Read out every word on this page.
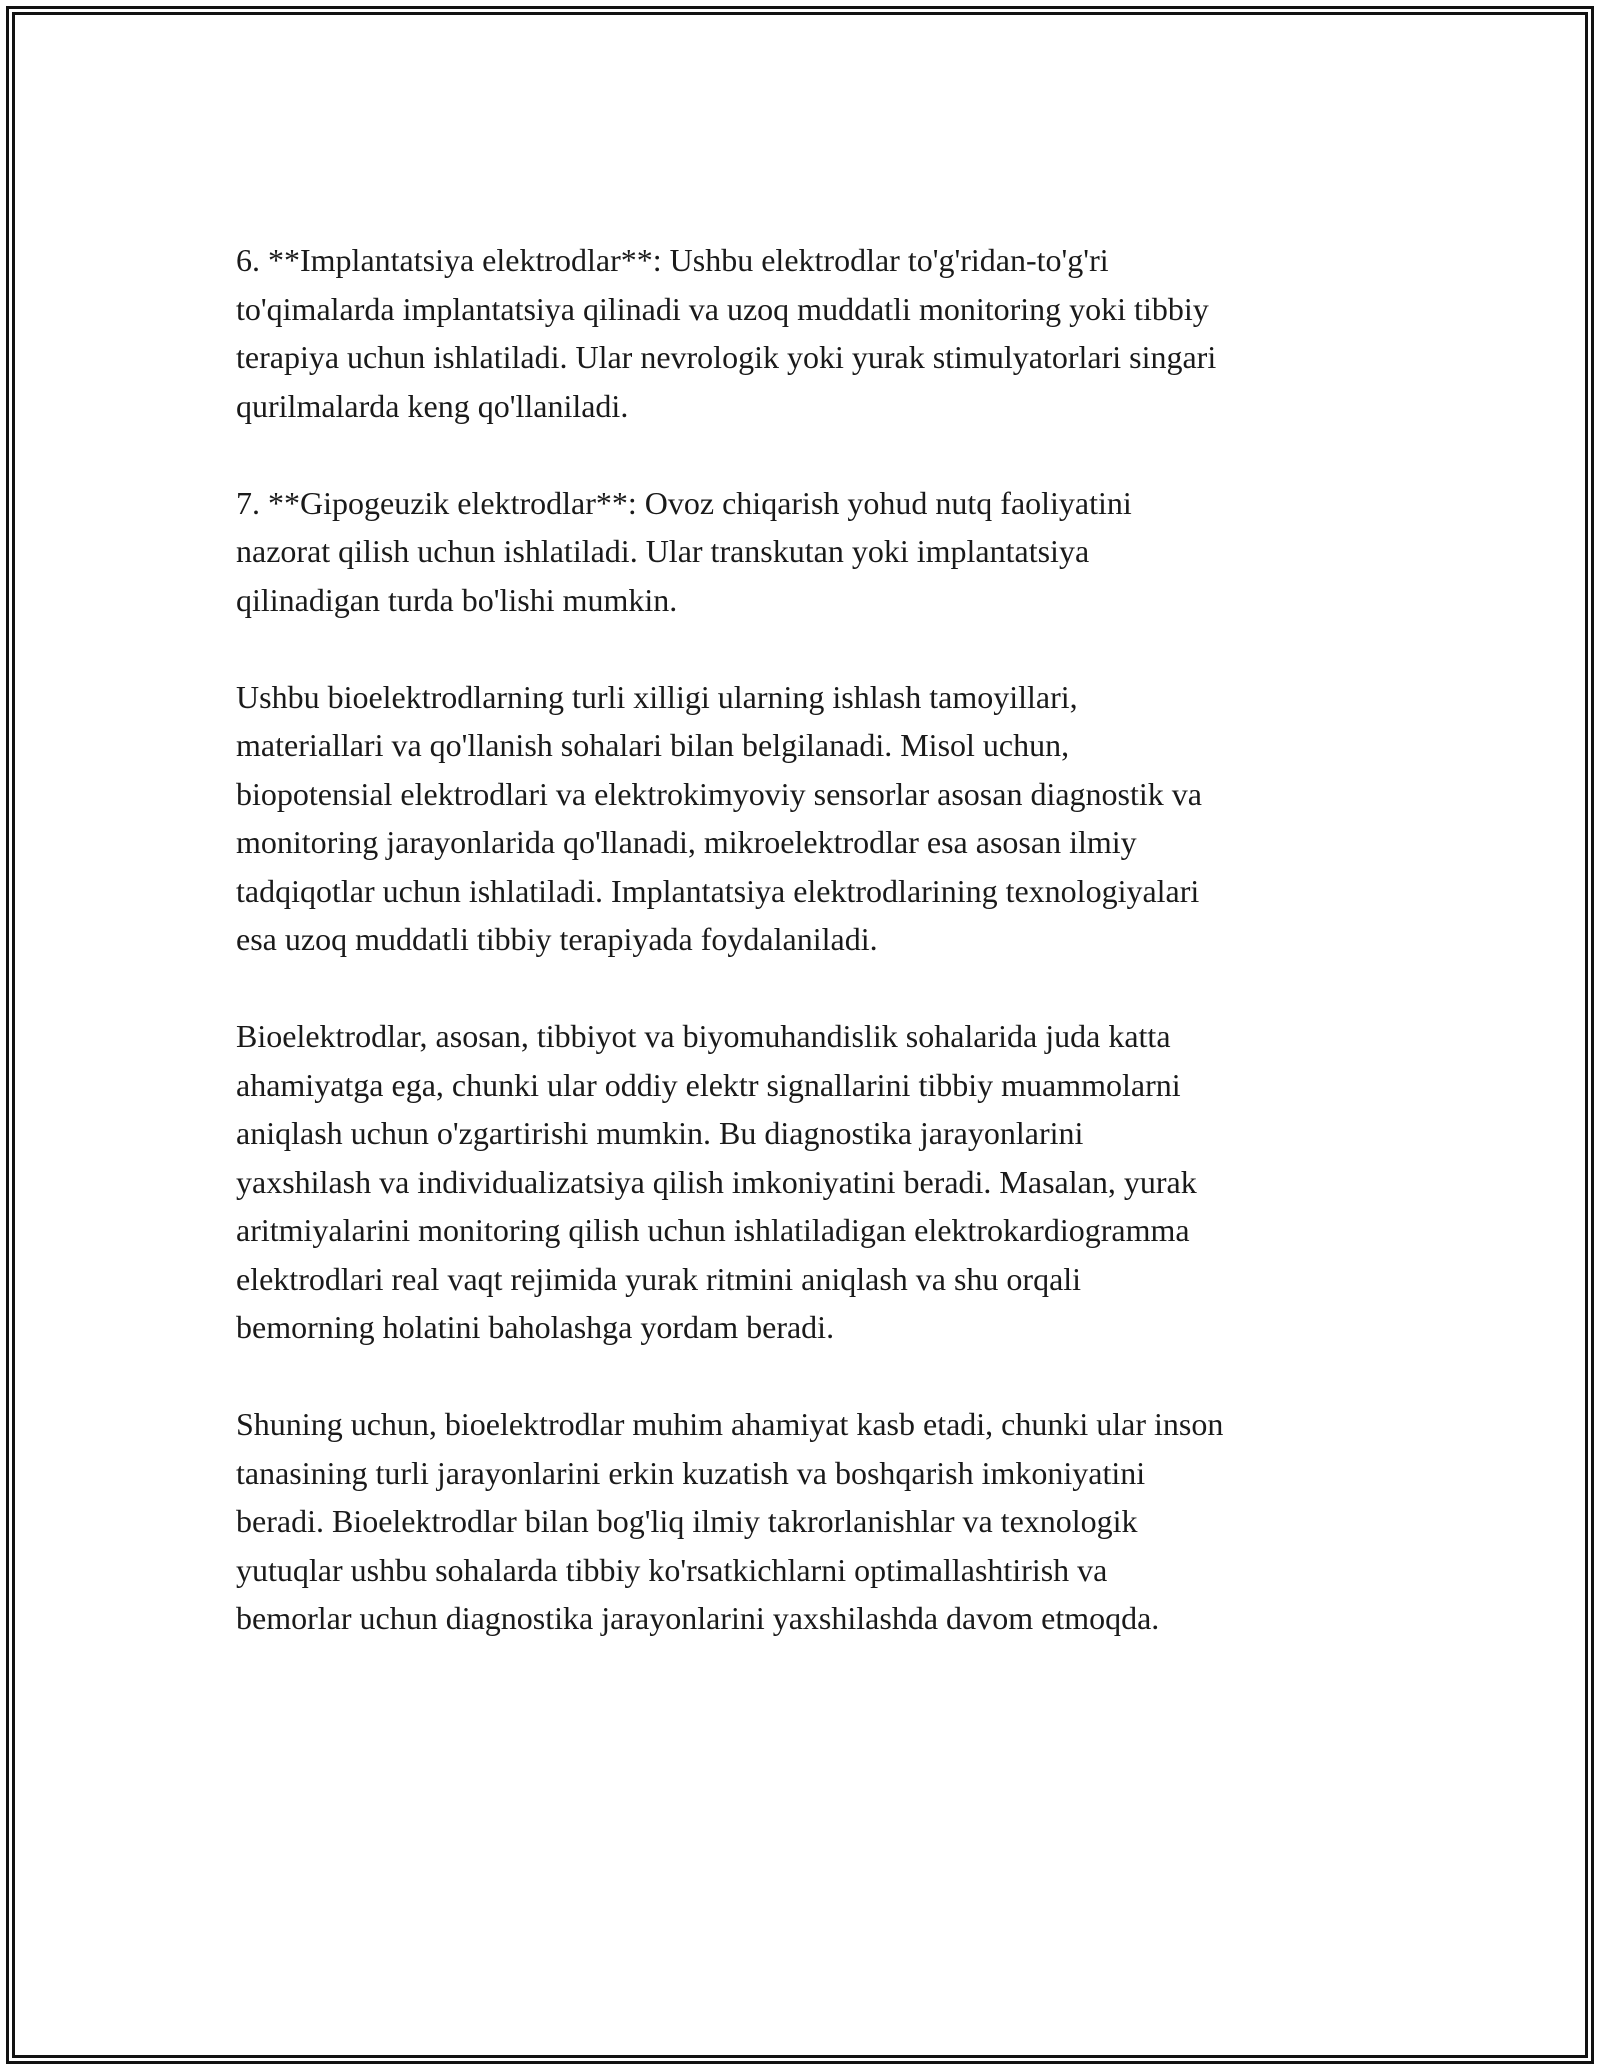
6. **Implantatsiya elektrodlar**: Ushbu elektrodlar to'g'ridan-to'g'ri
to'qimalarda implantatsiya qilinadi va uzoq muddatli monitoring yoki tibbiy
terapiya uchun ishlatiladi. Ular nevrologik yoki yurak stimulyatorlari singari
qurilmalarda keng qo'llaniladi.

7. **Gipogeuzik elektrodlar**: Ovoz chiqarish yohud nutq faoliyatini
nazorat qilish uchun ishlatiladi. Ular transkutan yoki implantatsiya
qilinadigan turda bo'lishi mumkin.

Ushbu bioelektrodlarning turli xilligi ularning ishlash tamoyillari,
materiallari va qo'llanish sohalari bilan belgilanadi. Misol uchun,
biopotensial elektrodlari va elektrokimyoviy sensorlar asosan diagnostik va
monitoring jarayonlarida qo'llanadi, mikroelektrodlar esa asosan ilmiy
tadqiqotlar uchun ishlatiladi. Implantatsiya elektrodlarining texnologiyalari
esa uzoq muddatli tibbiy terapiyada foydalaniladi.

Bioelektrodlar, asosan, tibbiyot va biyomuhandislik sohalarida juda katta
ahamiyatga ega, chunki ular oddiy elektr signallarini tibbiy muammolarni
aniqlash uchun o'zgartirishi mumkin. Bu diagnostika jarayonlarini
yaxshilash va individualizatsiya qilish imkoniyatini beradi. Masalan, yurak
aritmiyalarini monitoring qilish uchun ishlatiladigan elektrokardiogramma
elektrodlari real vaqt rejimida yurak ritmini aniqlash va shu orqali
bemorning holatini baholashga yordam beradi.

Shuning uchun, bioelektrodlar muhim ahamiyat kasb etadi, chunki ular inson
tanasining turli jarayonlarini erkin kuzatish va boshqarish imkoniyatini
beradi. Bioelektrodlar bilan bog'liq ilmiy takrorlanishlar va texnologik
yutuqlar ushbu sohalarda tibbiy ko'rsatkichlarni optimallashtirish va
bemorlar uchun diagnostika jarayonlarini yaxshilashda davom etmoqda.
